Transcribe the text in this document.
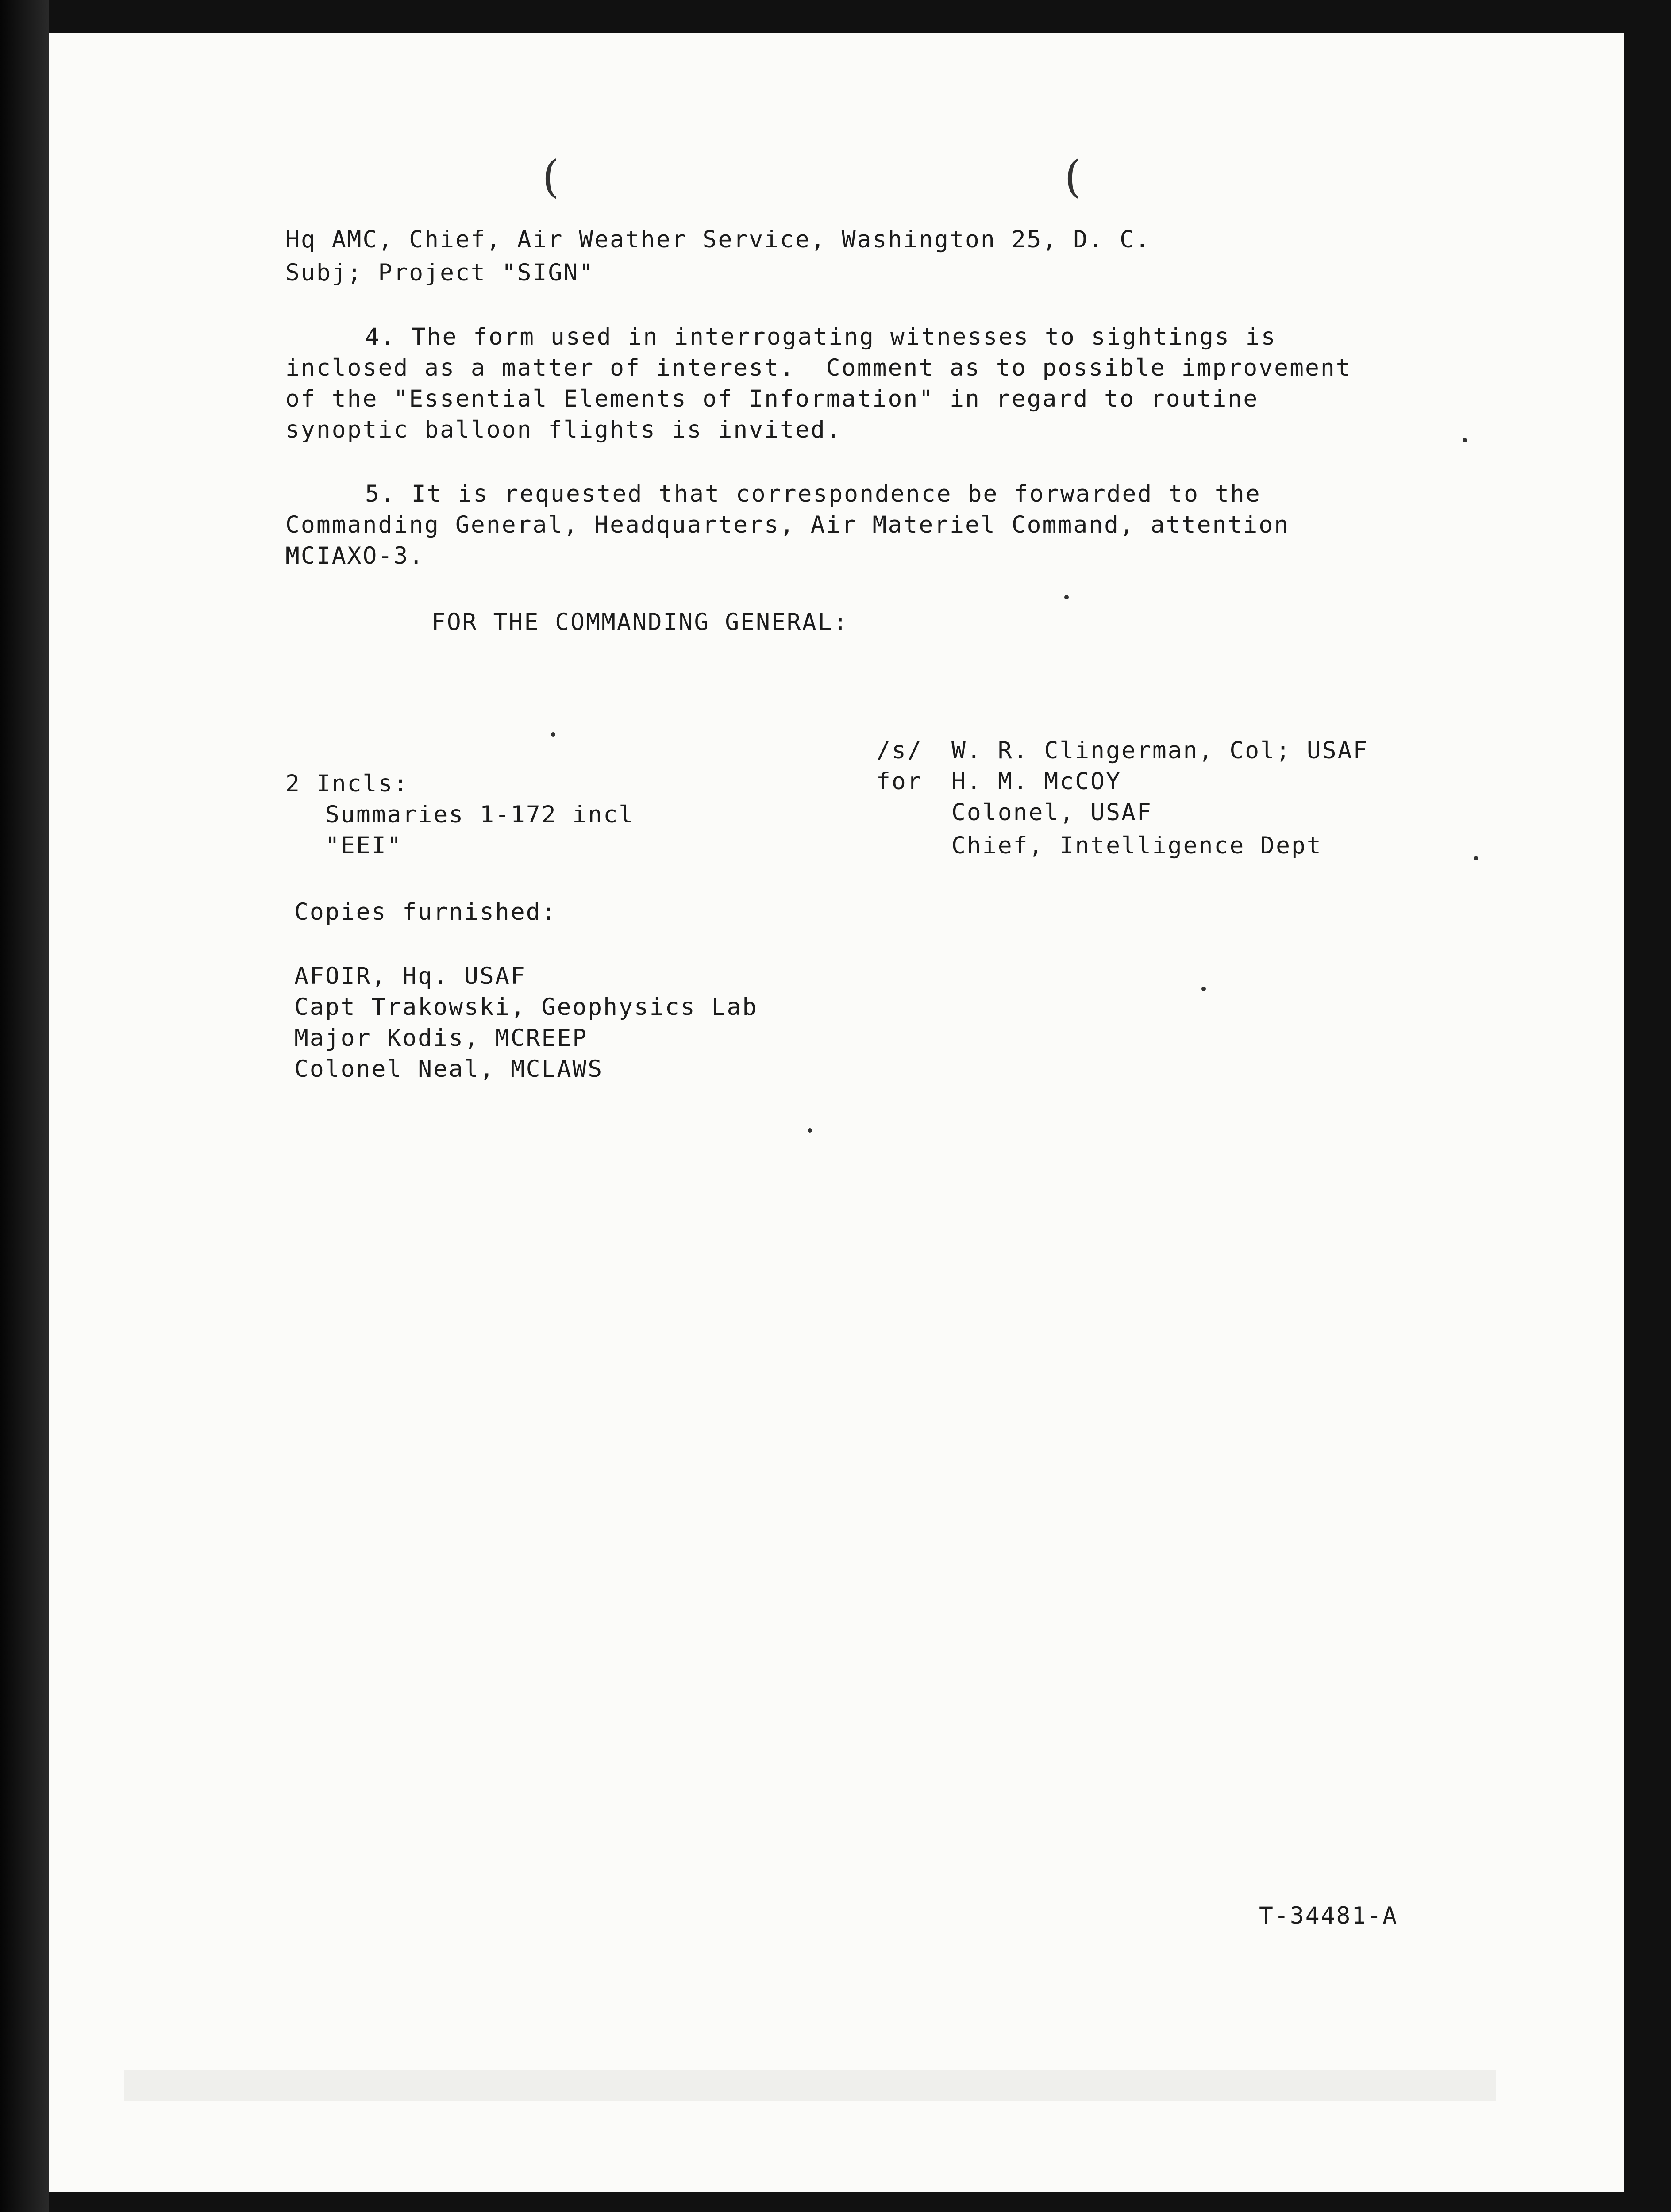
(	(
Hq AMC, Chief, Air Weather Service, Washington 25, D. C.
Subj; Project "SIGN"
4. The form used in interrogating witnesses to sightings is
inclosed as a matter of interest.  Comment as to possible improvement
of the "Essential Elements of Information" in regard to routine
synoptic balloon flights is invited.
5. It is requested that correspondence be forwarded to the
Commanding General, Headquarters, Air Materiel Command, attention
MCIAXO-3.
FOR THE COMMANDING GENERAL:
/s/ W. R. Clingerman, Col; USAF
for H. M. McCOY
Colonel, USAF
Chief, Intelligence Dept
2 Incls:
Summaries 1-172 incl
"EEI"
Copies furnished:
AFOIR, Hq. USAF
Capt Trakowski, Geophysics Lab
Major Kodis, MCREEP
Colonel Neal, MCLAWS
T-34481-A
